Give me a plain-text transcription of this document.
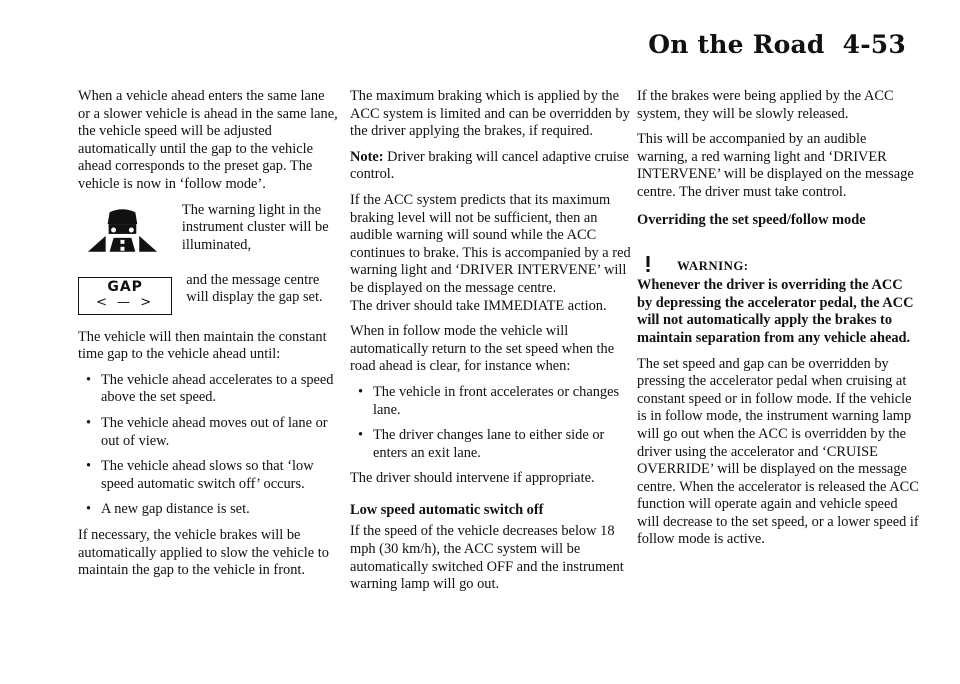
On the Road 4-53

When a vehicle ahead enters the same lane or a slower vehicle is ahead in the same lane, the vehicle speed will be adjusted automatically until the gap to the vehicle ahead corresponds to the preset gap. The vehicle is now in ‘follow mode’.

The warning light in the instrument cluster will be illuminated,
GAP
< — >
and the message centre will display the gap set.

The vehicle will then maintain the constant time gap to the vehicle ahead until:

• The vehicle ahead accelerates to a speed above the set speed.
• The vehicle ahead moves out of lane or out of view.
• The vehicle ahead slows so that ‘low speed automatic switch off’ occurs.
• A new gap distance is set.

If necessary, the vehicle brakes will be automatically applied to slow the vehicle to maintain the gap to the vehicle in front.

The maximum braking which is applied by the ACC system is limited and can be overridden by the driver applying the brakes, if required.

Note: Driver braking will cancel adaptive cruise control.

If the ACC system predicts that its maximum braking level will not be sufficient, then an audible warning will sound while the ACC continues to brake. This is accompanied by a red warning light and ‘DRIVER INTERVENE’ will be displayed on the message centre.

The driver should take IMMEDIATE action.

When in follow mode the vehicle will automatically return to the set speed when the road ahead is clear, for instance when:

• The vehicle in front accelerates or changes lane.
• The driver changes lane to either side or enters an exit lane.

The driver should intervene if appropriate.

Low speed automatic switch off

If the speed of the vehicle decreases below 18 mph (30 km/h), the ACC system will be automatically switched OFF and the instrument warning lamp will go out.

If the brakes were being applied by the ACC system, they will be slowly released.

This will be accompanied by an audible warning, a red warning light and ‘DRIVER INTERVENE’ will be displayed on the message centre. The driver must take control.

Overriding the set speed/follow mode
WARNING:

Whenever the driver is overriding the ACC by depressing the accelerator pedal, the ACC will not automatically apply the brakes to maintain separation from any vehicle ahead.

The set speed and gap can be overridden by pressing the accelerator pedal when cruising at constant speed or in follow mode. If the vehicle is in follow mode, the instrument warning lamp will go out when the ACC is overridden by the driver using the accelerator and ‘CRUISE OVERRIDE’ will be displayed on the message centre. When the accelerator is released the ACC function will operate again and vehicle speed will decrease to the set speed, or a lower speed if follow mode is active.
